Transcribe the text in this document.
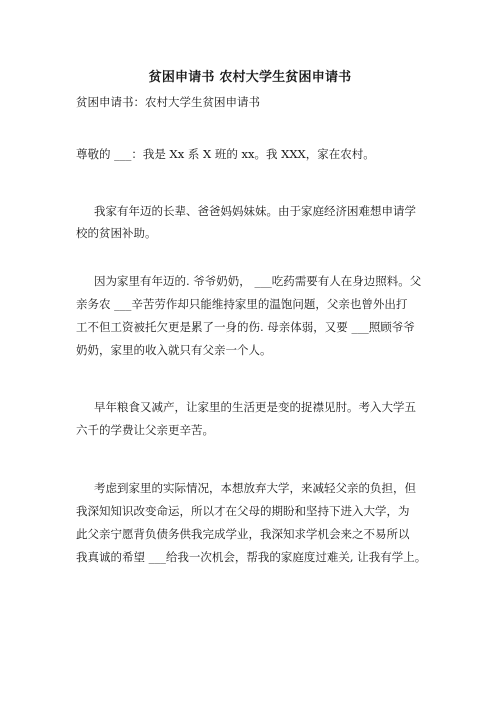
贫困申请书 农村大学生贫困申请书
贫困申请书：农村大学生贫困申请书
尊敬的 ___：我是 Xx 系 X 班的 xx。我 XXX，家在农村。
我家有年迈的长辈、爸爸妈妈妹妹。由于家庭经济困难想申请学
校的贫困补助。
因为家里有年迈的. 爷爷奶奶， ___吃药需要有人在身边照料。父
亲务农 ___辛苦劳作却只能维持家里的温饱问题，父亲也曾外出打
工不但工资被托欠更是累了一身的伤. 母亲体弱，又要 ___照顾爷爷
奶奶，家里的收入就只有父亲一个人。
早年粮食又减产，让家里的生活更是变的捉襟见肘。考入大学五
六千的学费让父亲更辛苦。
考虑到家里的实际情况，本想放弃大学，来减轻父亲的负担，但
我深知知识改变命运，所以才在父母的期盼和坚持下进入大学，为
此父亲宁愿背负债务供我完成学业，我深知求学机会来之不易所以
我真诚的希望 ___给我一次机会，帮我的家庭度过难关, 让我有学上。
